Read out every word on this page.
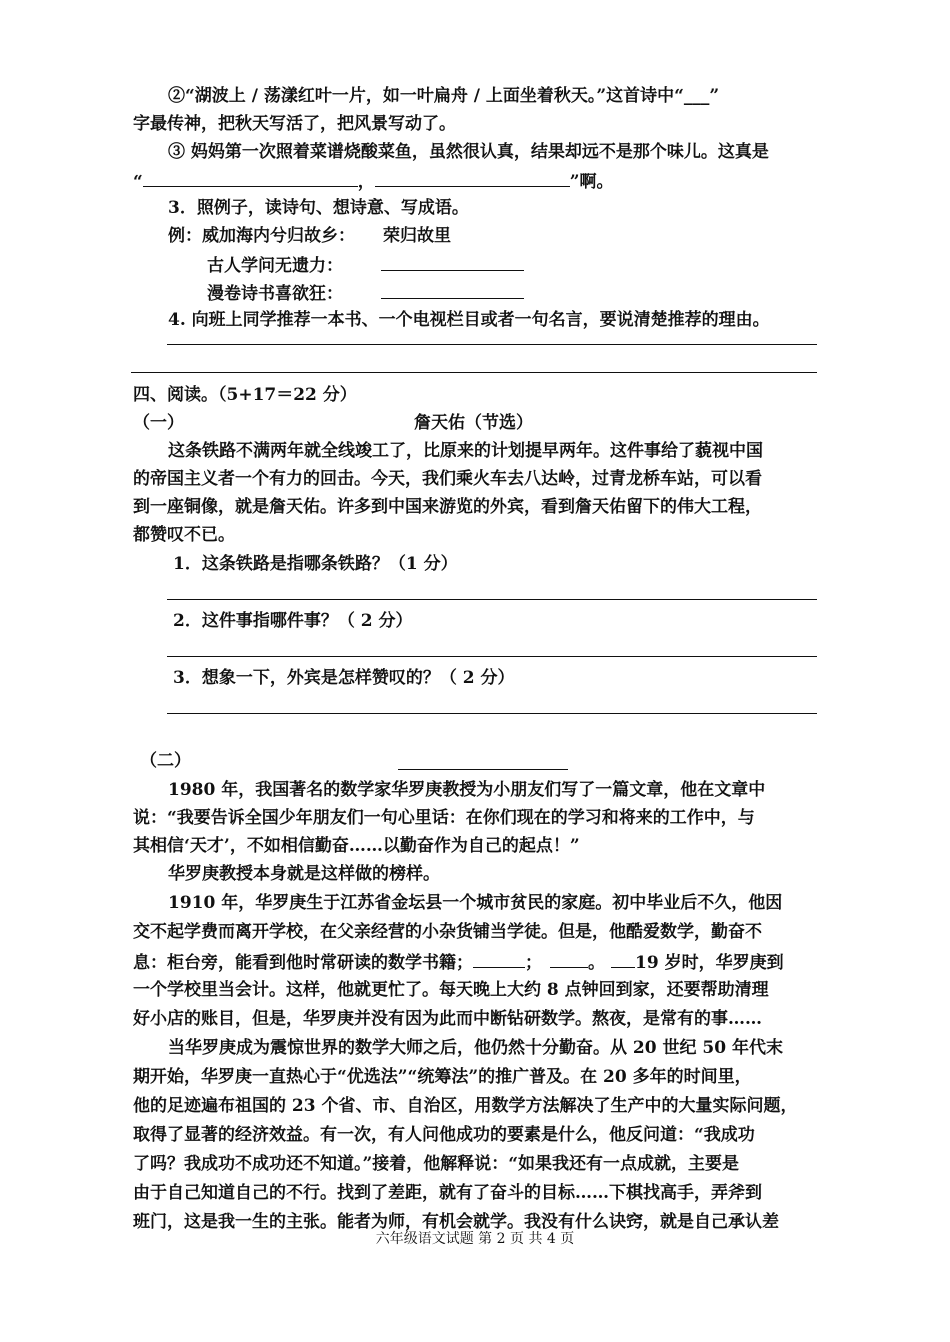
②“湖波上 / 荡漾红叶一片，如一叶扁舟 / 上面坐着秋天。”这首诗中“___”
字最传神，把秋天写活了，把风景写动了。
③ 妈妈第一次照着菜谱烧酸菜鱼，虽然很认真，结果却远不是那个味儿。这真是
“	，	”啊。
3．照例子，读诗句、想诗意、写成语。
例：威加海内兮归故乡： 荣归故里
古人学问无遗力：
漫卷诗书喜欲狂：
4. 向班上同学推荐一本书、一个电视栏目或者一句名言，要说清楚推荐的理由。
四、阅读。（5+17＝22 分）
（一）	詹天佑（节选）
这条铁路不满两年就全线竣工了，比原来的计划提早两年。这件事给了藐视中国
的帝国主义者一个有力的回击。今天，我们乘火车去八达岭，过青龙桥车站，可以看
到一座铜像，就是詹天佑。许多到中国来游览的外宾，看到詹天佑留下的伟大工程，
都赞叹不已。
1．这条铁路是指哪条铁路？（1 分）
2．这件事指哪件事？（ 2 分）
3．想象一下，外宾是怎样赞叹的？（ 2 分）
（二）
1980 年，我国著名的数学家华罗庚教授为小朋友们写了一篇文章，他在文章中
说：“我要告诉全国少年朋友们一句心里话：在你们现在的学习和将来的工作中，与
其相信‘天才’，不如相信勤奋……以勤奋作为自己的起点！”
华罗庚教授本身就是这样做的榜样。
1910 年，华罗庚生于江苏省金坛县一个城市贫民的家庭。初中毕业后不久，他因
交不起学费而离开学校，在父亲经营的小杂货铺当学徒。但是，他酷爱数学，勤奋不
息：柜台旁，能看到他时常研读的数学书籍；	；	。 19 岁时，华罗庚到
一个学校里当会计。这样，他就更忙了。每天晚上大约 8 点钟回到家，还要帮助清理
好小店的账目，但是，华罗庚并没有因为此而中断钻研数学。熬夜，是常有的事……
当华罗庚成为震惊世界的数学大师之后，他仍然十分勤奋。从 20 世纪 50 年代末
期开始，华罗庚一直热心于“优选法”“统筹法”的推广普及。在 20 多年的时间里，
他的足迹遍布祖国的 23 个省、市、自治区，用数学方法解决了生产中的大量实际问题，
取得了显著的经济效益。有一次，有人问他成功的要素是什么，他反问道：“我成功
了吗？我成功不成功还不知道。”接着，他解释说：“如果我还有一点成就，主要是
由于自己知道自己的不行。找到了差距，就有了奋斗的目标……下棋找高手，弄斧到
班门，这是我一生的主张。能者为师，有机会就学。我没有什么诀窍，就是自己承认差
六年级语文试题 第 2 页 共 4 页
